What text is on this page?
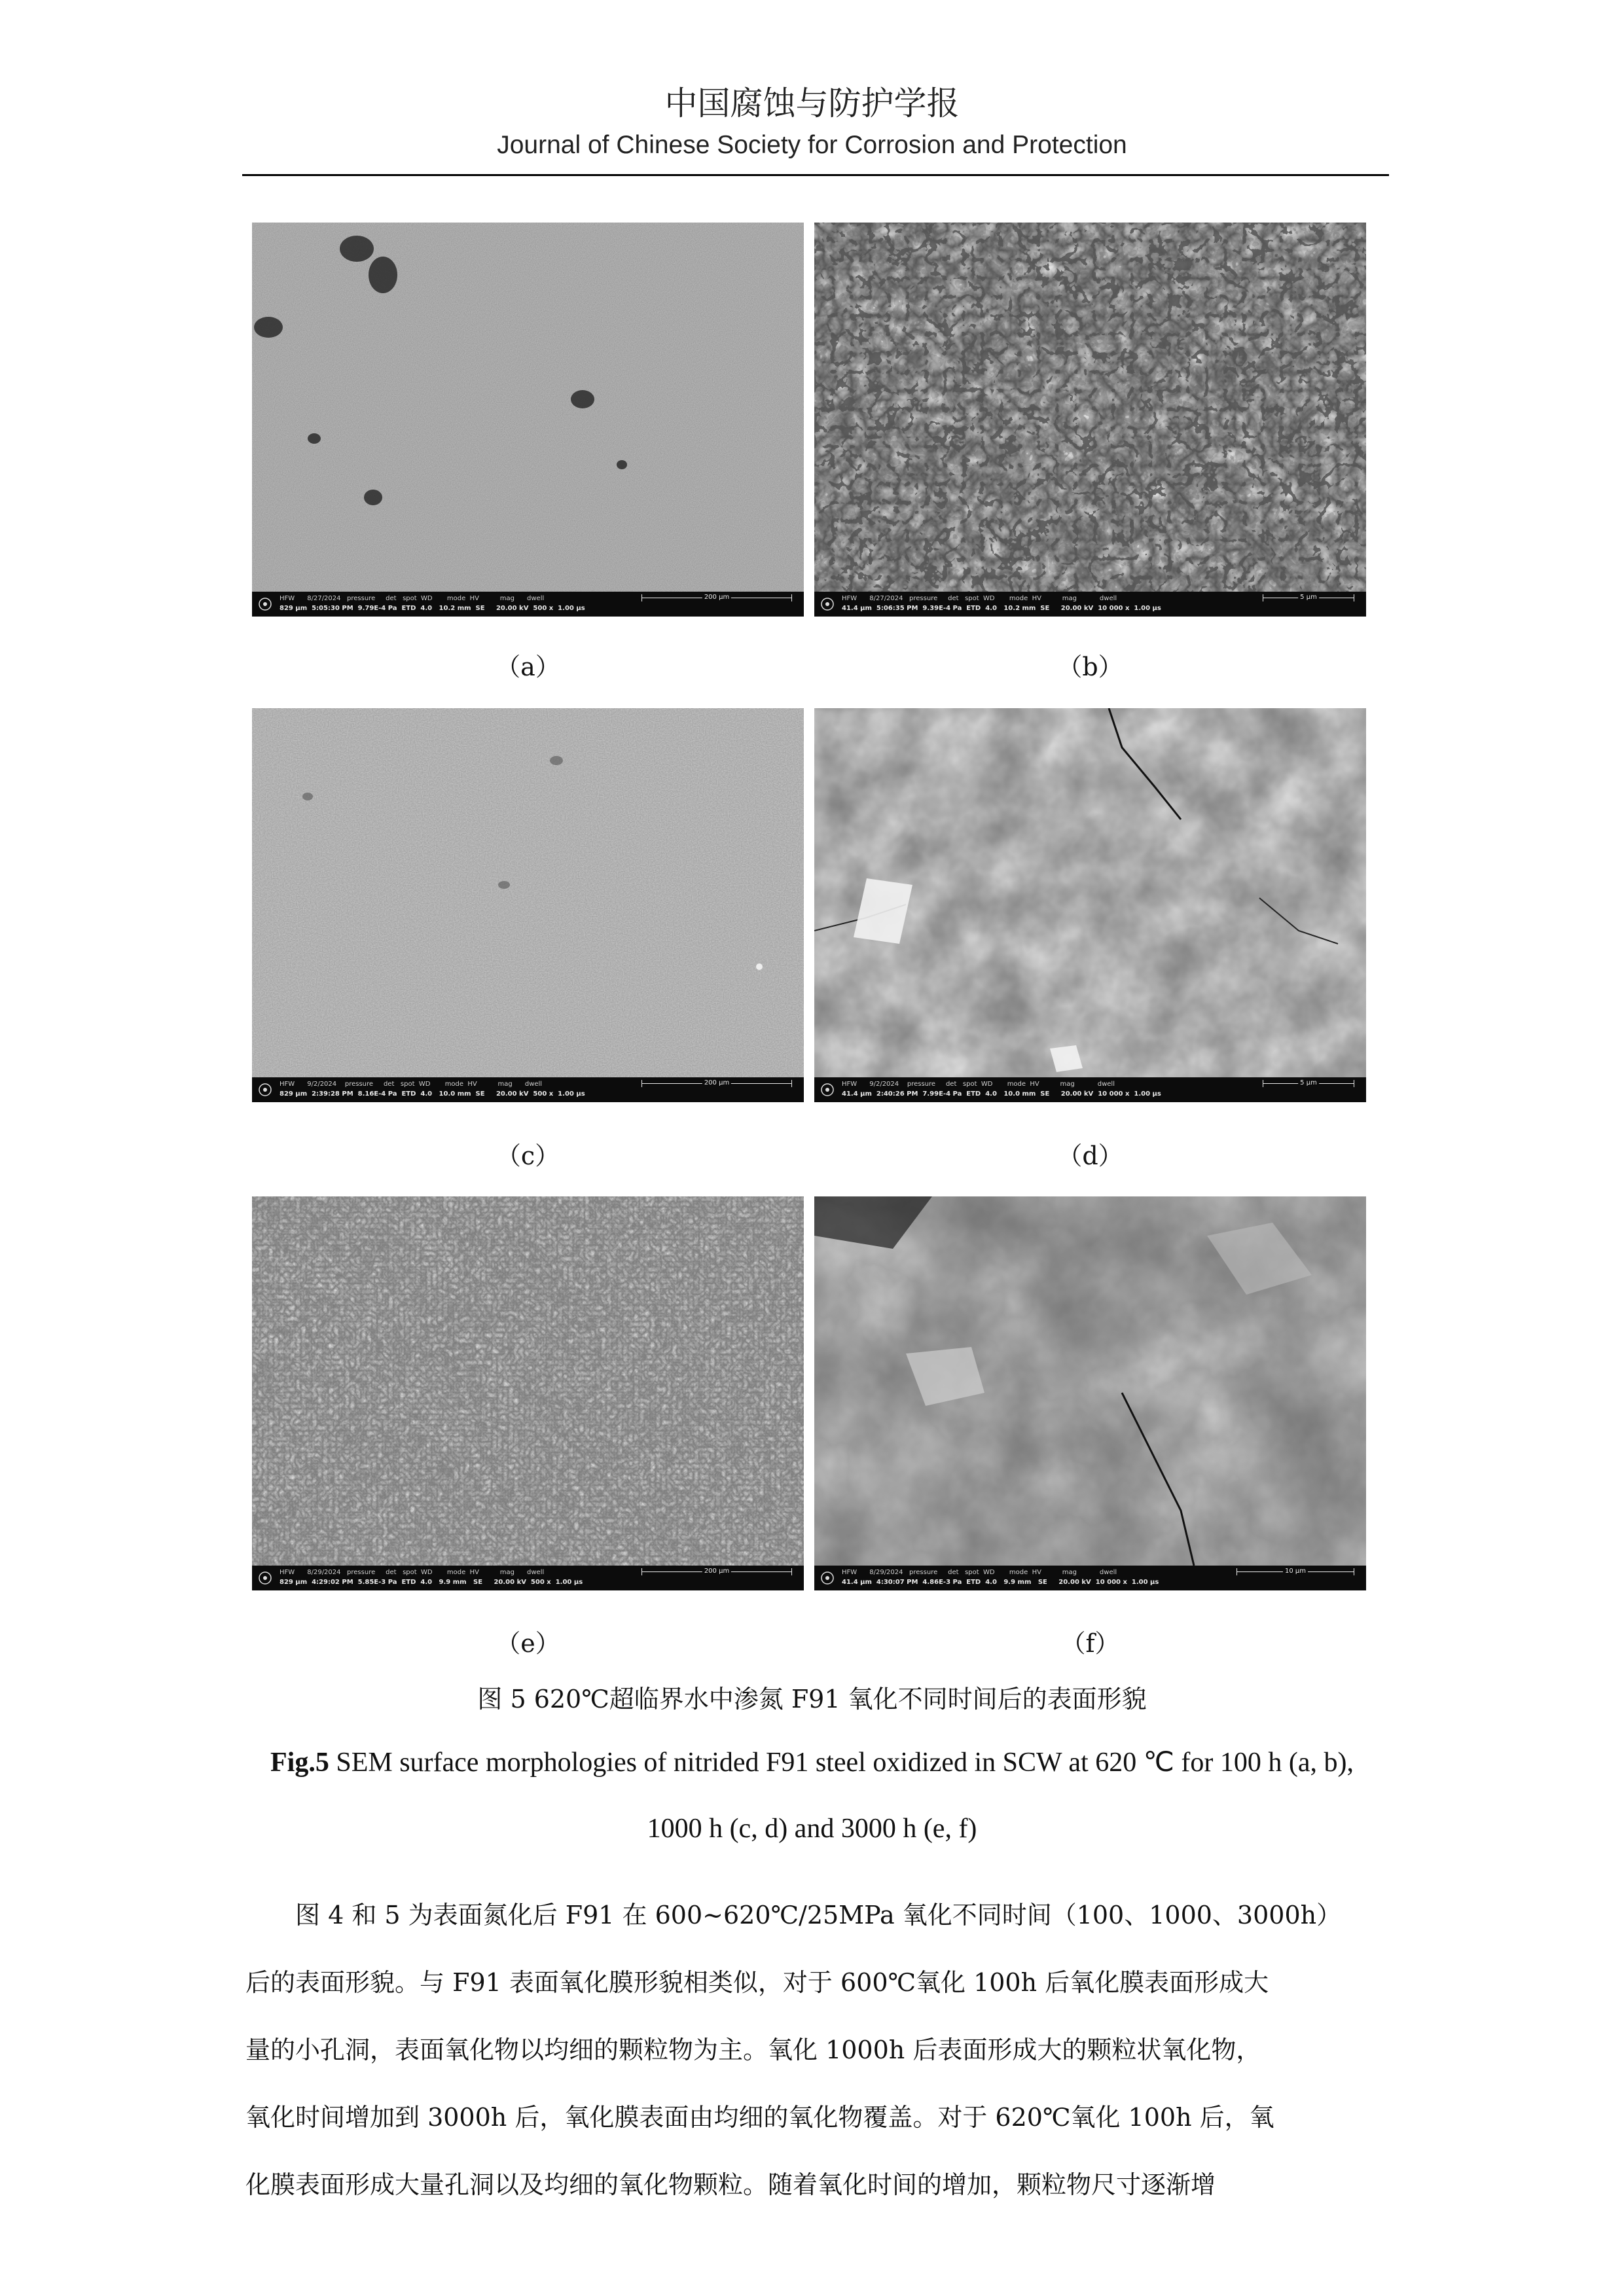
中国腐蚀与防护学报
Journal of Chinese Society for Corrosion and Protection
HFW      8/27/2024   pressure     det   spot  WD       mode  HV          mag      dwell
829 μm  5:05:30 PM  9.79E-4 Pa  ETD  4.0   10.2 mm  SE     20.00 kV  500 x  1.00 μs
200 μm
（a）
HFW      8/27/2024   pressure     det   spot  WD       mode  HV          mag           dwell
41.4 μm  5:06:35 PM  9.39E-4 Pa  ETD  4.0   10.2 mm  SE     20.00 kV  10 000 x  1.00 μs
5 μm
（b）
HFW      9/2/2024    pressure     det   spot  WD       mode  HV          mag      dwell
829 μm  2:39:28 PM  8.16E-4 Pa  ETD  4.0   10.0 mm  SE     20.00 kV  500 x  1.00 μs
200 μm
（c）
HFW      9/2/2024    pressure     det   spot  WD       mode  HV          mag           dwell
41.4 μm  2:40:26 PM  7.99E-4 Pa  ETD  4.0   10.0 mm  SE     20.00 kV  10 000 x  1.00 μs
5 μm
（d）
HFW      8/29/2024   pressure     det   spot  WD       mode  HV          mag      dwell
829 μm  4:29:02 PM  5.85E-3 Pa  ETD  4.0   9.9 mm   SE     20.00 kV  500 x  1.00 μs
200 μm
（e）
HFW      8/29/2024   pressure     det   spot  WD       mode  HV          mag           dwell
41.4 μm  4:30:07 PM  4.86E-3 Pa  ETD  4.0   9.9 mm   SE     20.00 kV  10 000 x  1.00 μs
10 μm
（f）
图 5 620℃超临界水中渗氮 F91 氧化不同时间后的表面形貌
Fig.5 SEM surface morphologies of nitrided F91 steel oxidized in SCW at 620 ℃ for 100 h (a, b),
1000 h (c, d) and 3000 h (e, f)
　　图 4 和 5 为表面氮化后 F91 在 600~620℃/25MPa 氧化不同时间（100、1000、3000h）
后的表面形貌。与 F91 表面氧化膜形貌相类似，对于 600℃氧化 100h 后氧化膜表面形成大
量的小孔洞，表面氧化物以均细的颗粒物为主。氧化 1000h 后表面形成大的颗粒状氧化物，
氧化时间增加到 3000h 后，氧化膜表面由均细的氧化物覆盖。对于 620℃氧化 100h 后，氧
化膜表面形成大量孔洞以及均细的氧化物颗粒。随着氧化时间的增加，颗粒物尺寸逐渐增
